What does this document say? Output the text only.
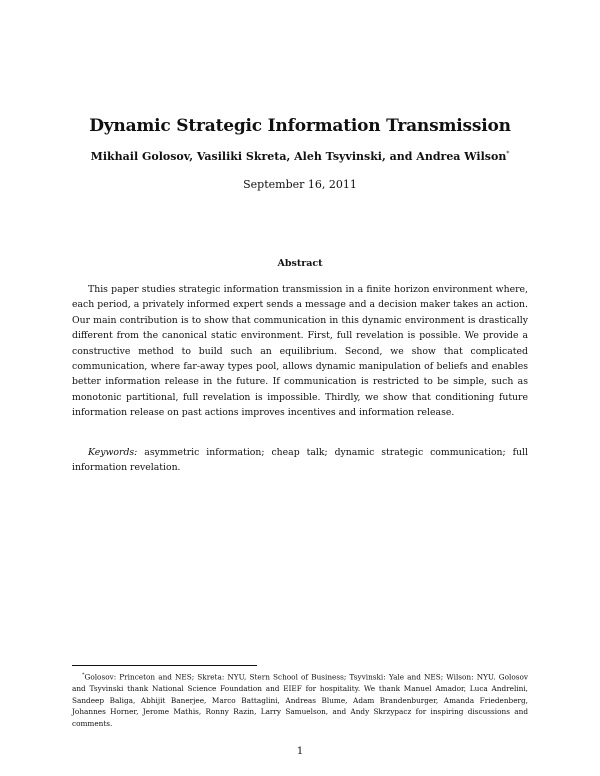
Dynamic Strategic Information Transmission
Mikhail Golosov, Vasiliki Skreta, Aleh Tsyvinski, and Andrea Wilson*
September 16, 2011
Abstract
This paper studies strategic information transmission in a finite horizon environment where, each period, a privately informed expert sends a message and a decision maker takes an action. Our main contribution is to show that communication in this dynamic environment is drastically different from the canonical static environment. First, full revelation is possible. We provide a constructive method to build such an equilibrium. Second, we show that complicated communication, where far-away types pool, allows dynamic manipulation of beliefs and enables better information release in the future. If communication is restricted to be simple, such as monotonic partitional, full revelation is impossible. Thirdly, we show that conditioning future information release on past actions improves incentives and information release.
Keywords: asymmetric information; cheap talk; dynamic strategic communication; full information revelation.
*Golosov: Princeton and NES; Skreta: NYU, Stern School of Business; Tsyvinski: Yale and NES; Wilson: NYU. Golosov and Tsyvinski thank National Science Foundation and EIEF for hospitality. We thank Manuel Amador, Luca Andrelini, Sandeep Baliga, Abhijit Banerjee, Marco Battaglini, Andreas Blume, Adam Brandenburger, Amanda Friedenberg, Johannes Horner, Jerome Mathis, Ronny Razin, Larry Samuelson, and Andy Skrzypacz for inspiring discussions and comments.
1
